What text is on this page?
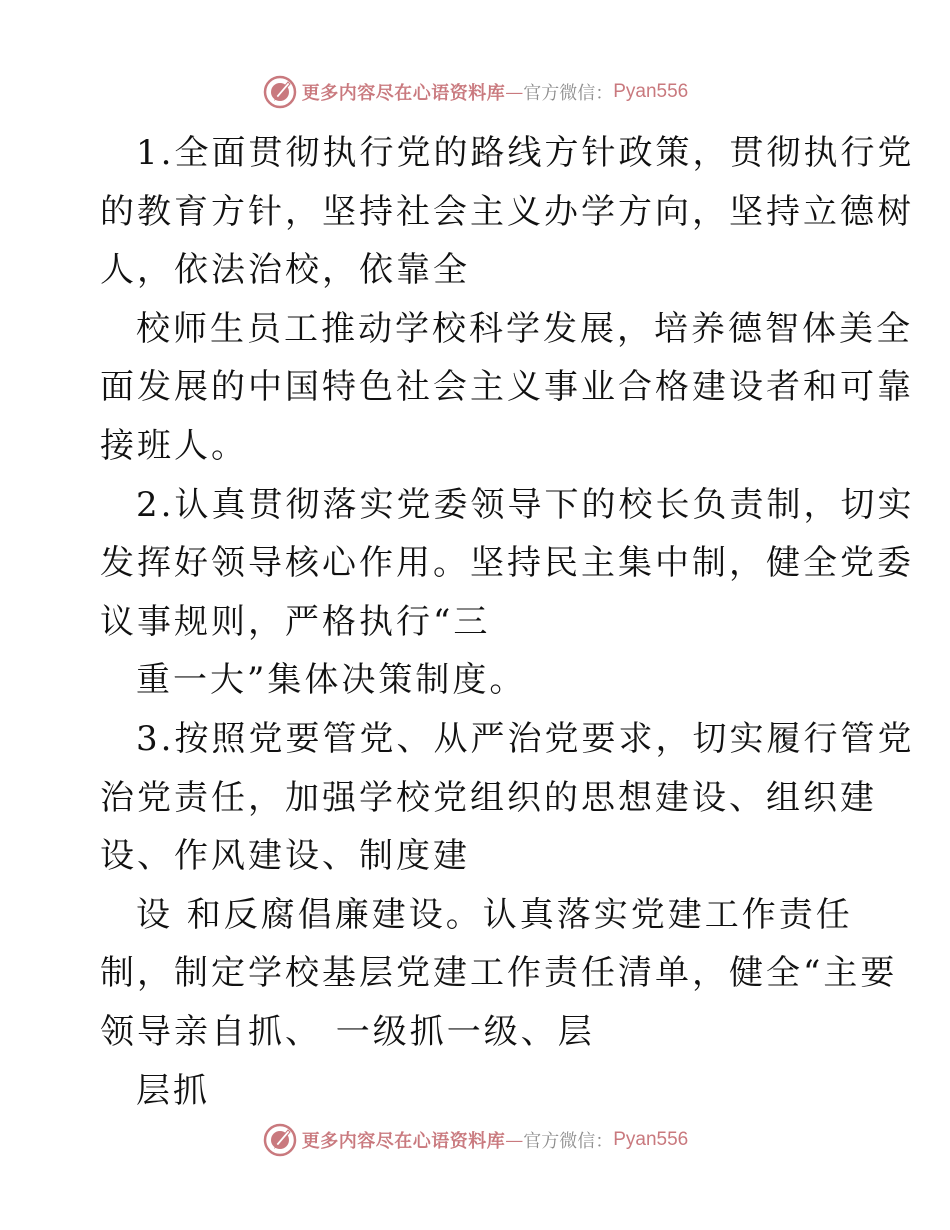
更多内容尽在心语资料库 — 官方微信： Pyan556
1.全面贯彻执行党的路线方针政策，贯彻执行党
的教育方针，坚持社会主义办学方向，坚持立德树
人，依法治校，依靠全
校师生员工推动学校科学发展，培养德智体美全
面发展的中国特色社会主义事业合格建设者和可靠
接班人。
2.认真贯彻落实党委领导下的校长负责制，切实
发挥好领导核心作用。坚持民主集中制，健全党委
议事规则，严格执行“三
重一大”集体决策制度。
3.按照党要管党、从严治党要求，切实履行管党
治党责任，加强学校党组织的思想建设、组织建
设、作风建设、制度建
设 和反腐倡廉建设。认真落实党建工作责任
制，制定学校基层党建工作责任清单，健全“主要
领导亲自抓、 一级抓一级、层
层抓
更多内容尽在心语资料库 — 官方微信： Pyan556
